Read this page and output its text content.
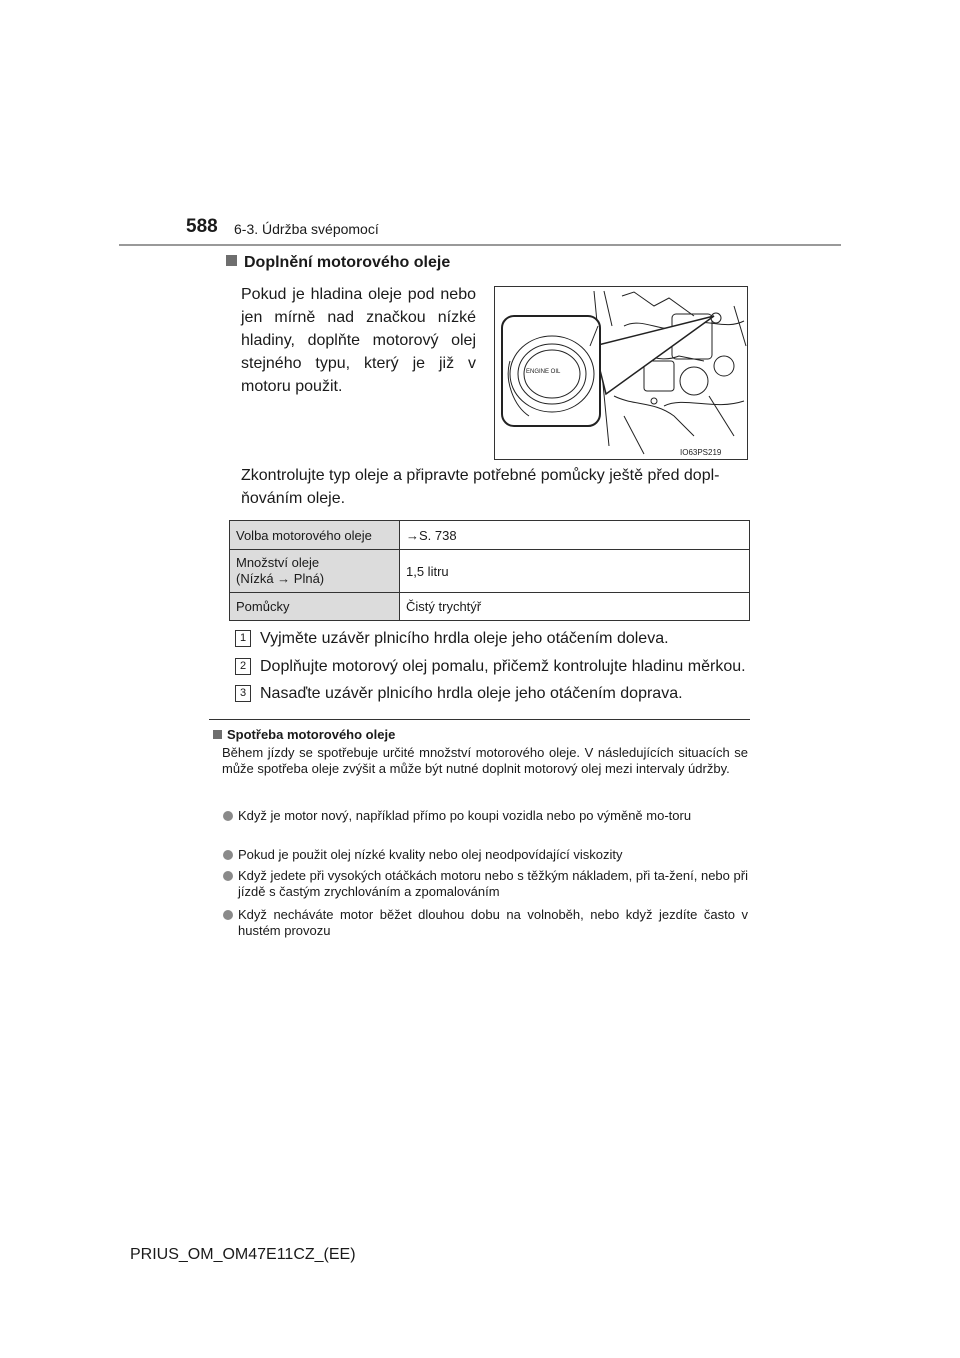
588 6-3. Údržba svépomocí
Doplnění motorového oleje
Pokud je hladina oleje pod nebo jen mírně nad značkou nízké hladiny, doplňte motorový olej stejného typu, který je již v motoru použit.
ENGINE OIL
IO63PS219
Zkontrolujte typ oleje a připravte potřebné pomůcky ještě před dopl-ňováním oleje.
Volba motorového oleje	→S. 738

Množství oleje
(Nízká → Plná)	1,5 litru
Pomůcky	Čistý trychtýř
1 Vyjměte uzávěr plnicího hrdla oleje jeho otáčením doleva.
2 Doplňujte motorový olej pomalu, přičemž kontrolujte hladinu měrkou.
3 Nasaďte uzávěr plnicího hrdla oleje jeho otáčením doprava.
Spotřeba motorového oleje
Během jízdy se spotřebuje určité množství motorového oleje. V následujících situacích se může spotřeba oleje zvýšit a může být nutné doplnit motorový olej mezi intervaly údržby.
Když je motor nový, například přímo po koupi vozidla nebo po výměně mo-toru
Pokud je použit olej nízké kvality nebo olej neodpovídající viskozity
Když jedete při vysokých otáčkách motoru nebo s těžkým nákladem, při ta-žení, nebo při jízdě s častým zrychlováním a zpomalováním
Když necháváte motor běžet dlouhou dobu na volnoběh, nebo když jezdíte často v hustém provozu
PRIUS_OM_OM47E11CZ_(EE)
